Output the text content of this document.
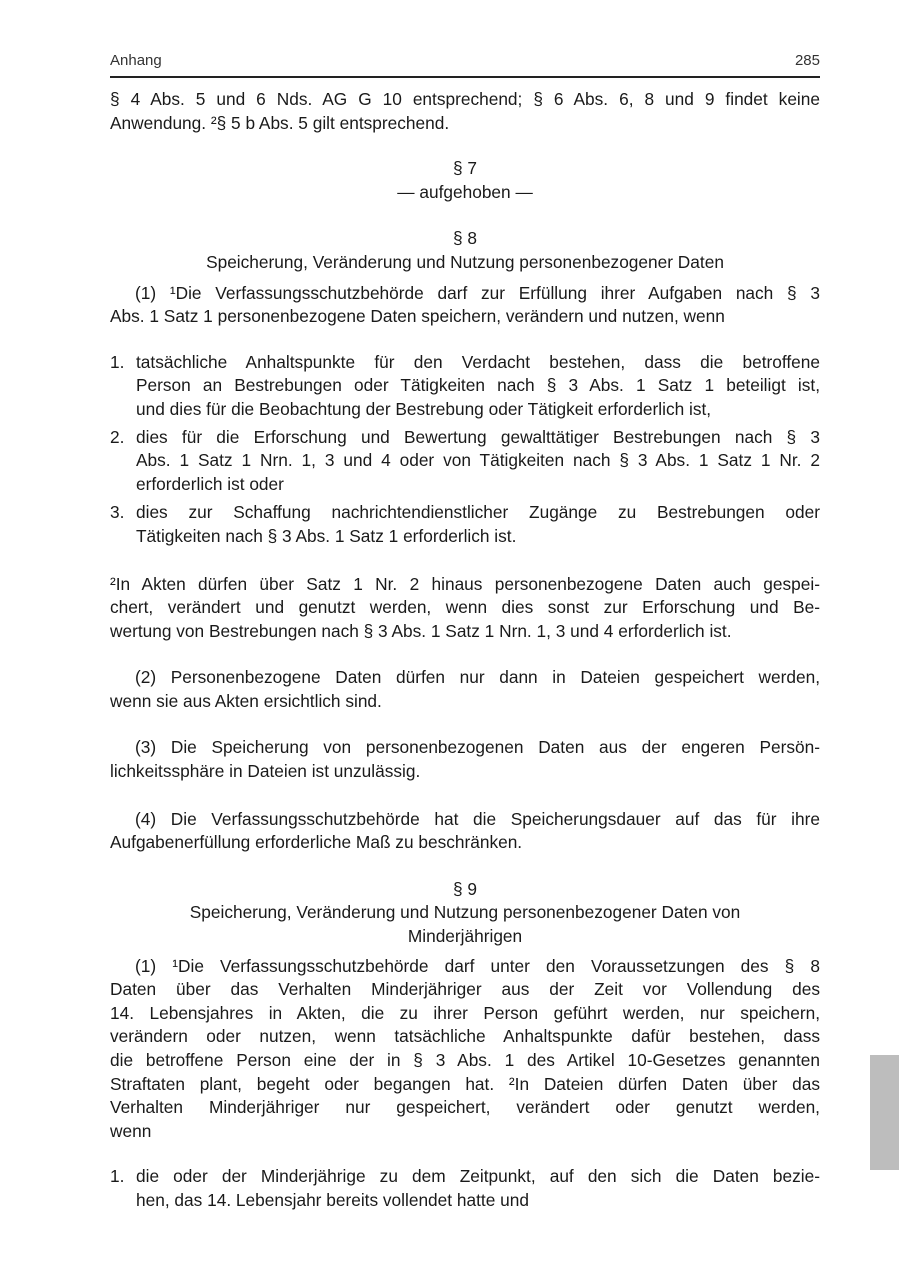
Anhang	285
§ 4 Abs. 5 und 6 Nds. AG G 10 entsprechend; § 6 Abs. 6, 8 und 9 findet keine
Anwendung. ²§ 5 b Abs. 5 gilt entsprechend.
§ 7
— aufgehoben —
§ 8
Speicherung, Veränderung und Nutzung personenbezogener Daten
(1) ¹Die Verfassungsschutzbehörde darf zur Erfüllung ihrer Aufgaben nach § 3
Abs. 1 Satz 1 personenbezogene Daten speichern, verändern und nutzen, wenn
1. tatsächliche Anhaltspunkte für den Verdacht bestehen, dass die betroffene
Person an Bestrebungen oder Tätigkeiten nach § 3 Abs. 1 Satz 1 beteiligt ist,
und dies für die Beobachtung der Bestrebung oder Tätigkeit erforderlich ist,
2. dies für die Erforschung und Bewertung gewalttätiger Bestrebungen nach § 3
Abs. 1 Satz 1 Nrn. 1, 3 und 4 oder von Tätigkeiten nach § 3 Abs. 1 Satz 1 Nr. 2
erforderlich ist oder
3. dies zur Schaffung nachrichtendienstlicher Zugänge zu Bestrebungen oder
Tätigkeiten nach § 3 Abs. 1 Satz 1 erforderlich ist.
²In Akten dürfen über Satz 1 Nr. 2 hinaus personenbezogene Daten auch gespei-
chert, verändert und genutzt werden, wenn dies sonst zur Erforschung und Be-
wertung von Bestrebungen nach § 3 Abs. 1 Satz 1 Nrn. 1, 3 und 4 erforderlich ist.
(2) Personenbezogene Daten dürfen nur dann in Dateien gespeichert werden,
wenn sie aus Akten ersichtlich sind.
(3) Die Speicherung von personenbezogenen Daten aus der engeren Persön-
lichkeitssphäre in Dateien ist unzulässig.
(4) Die Verfassungsschutzbehörde hat die Speicherungsdauer auf das für ihre
Aufgabenerfüllung erforderliche Maß zu beschränken.
§ 9
Speicherung, Veränderung und Nutzung personenbezogener Daten von
Minderjährigen
(1) ¹Die Verfassungsschutzbehörde darf unter den Voraussetzungen des § 8
Daten über das Verhalten Minderjähriger aus der Zeit vor Vollendung des
14. Lebensjahres in Akten, die zu ihrer Person geführt werden, nur speichern,
verändern oder nutzen, wenn tatsächliche Anhaltspunkte dafür bestehen, dass
die betroffene Person eine der in § 3 Abs. 1 des Artikel 10-Gesetzes genannten
Straftaten plant, begeht oder begangen hat. ²In Dateien dürfen Daten über das
Verhalten Minderjähriger nur gespeichert, verändert oder genutzt werden,
wenn
1. die oder der Minderjährige zu dem Zeitpunkt, auf den sich die Daten bezie-
hen, das 14. Lebensjahr bereits vollendet hatte und
